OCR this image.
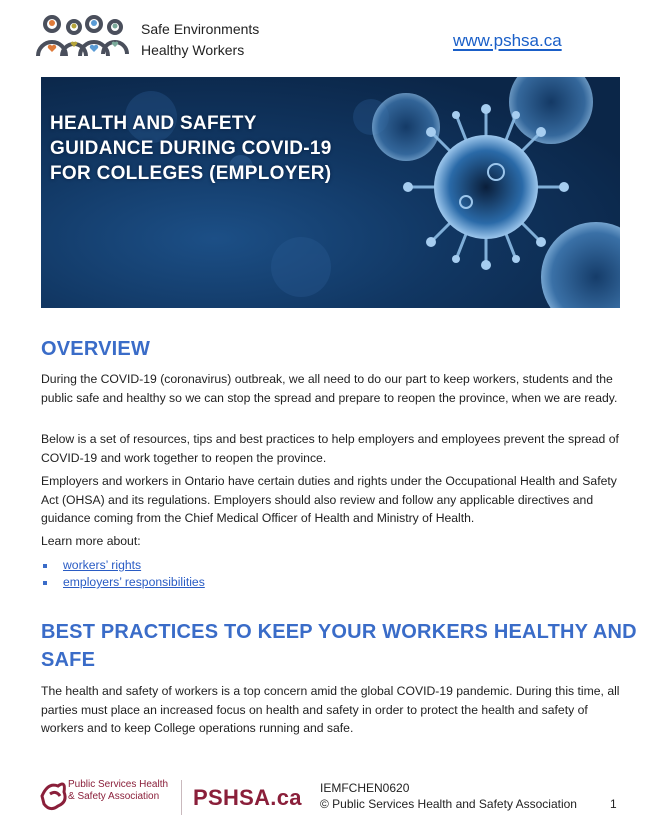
Safe Environments
Healthy Workers	www.pshsa.ca
HEALTH AND SAFETY
GUIDANCE DURING COVID-19
FOR COLLEGES (EMPLOYER)
OVERVIEW

During the COVID-19 (coronavirus) outbreak, we all need to do our part to keep workers, students and the public safe and healthy so we can stop the spread and prepare to reopen the province, when we are ready.

Below is a set of resources, tips and best practices to help employers and employees prevent the spread of COVID-19 and work together to reopen the province.

Employers and workers in Ontario have certain duties and rights under the Occupational Health and Safety Act (OHSA) and its regulations. Employers should also review and follow any applicable directives and guidance coming from the Chief Medical Officer of Health and Ministry of Health.

Learn more about:

workers’ rights
employers’ responsibilities
BEST PRACTICES TO KEEP YOUR WORKERS HEALTHY AND SAFE

The health and safety of workers is a top concern amid the global COVID-19 pandemic. During this time, all parties must place an increased focus on health and safety in order to protect the health and safety of workers and to keep College operations running and safe.

Public Services Health
& Safety Association	PSHSA.ca IEMFCHEN0620
© Public Services Health and Safety Association	1
